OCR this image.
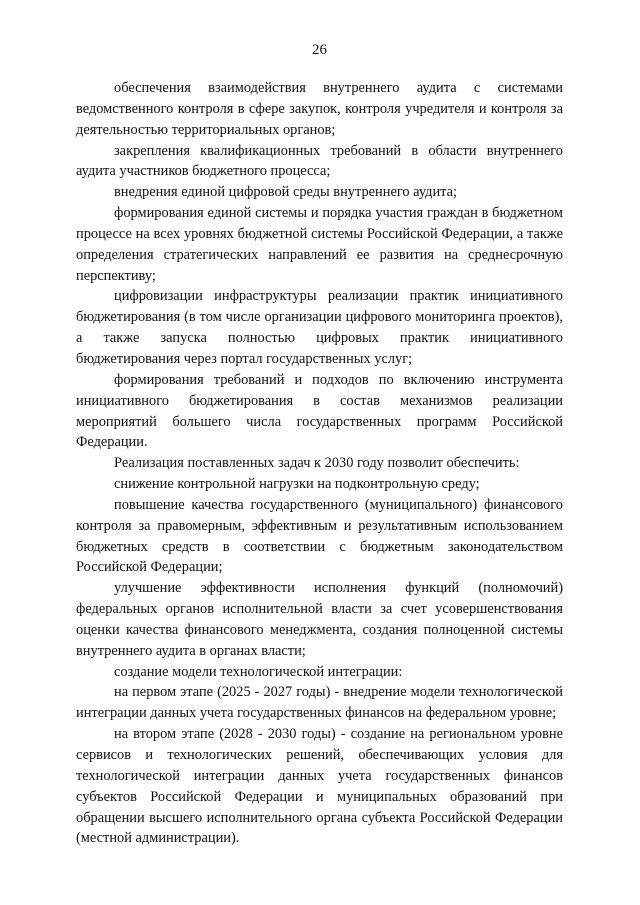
26

обеспечения взаимодействия внутреннего аудита с системами ведомственного контроля в сфере закупок, контроля учредителя и контроля за деятельностью территориальных органов;

закрепления квалификационных требований в области внутреннего аудита участников бюджетного процесса;

внедрения единой цифровой среды внутреннего аудита;

формирования единой системы и порядка участия граждан в бюджетном процессе на всех уровнях бюджетной системы Российской Федерации, а также определения стратегических направлений ее развития на среднесрочную перспективу;

цифровизации инфраструктуры реализации практик инициативного бюджетирования (в том числе организации цифрового мониторинга проектов), а также запуска полностью цифровых практик инициативного бюджетирования через портал государственных услуг;

формирования требований и подходов по включению инструмента инициативного бюджетирования в состав механизмов реализации мероприятий большего числа государственных программ Российской Федерации.

Реализация поставленных задач к 2030 году позволит обеспечить:

снижение контрольной нагрузки на подконтрольную среду;

повышение качества государственного (муниципального) финансового контроля за правомерным, эффективным и результативным использованием бюджетных средств в соответствии с бюджетным законодательством Российской Федерации;

улучшение эффективности исполнения функций (полномочий) федеральных органов исполнительной власти за счет усовершенствования оценки качества финансового менеджмента, создания полноценной системы внутреннего аудита в органах власти;

создание модели технологической интеграции:

на первом этапе (2025 - 2027 годы) - внедрение модели технологической интеграции данных учета государственных финансов на федеральном уровне;

на втором этапе (2028 - 2030 годы) - создание на региональном уровне сервисов и технологических решений, обеспечивающих условия для технологической интеграции данных учета государственных финансов субъектов Российской Федерации и муниципальных образований при обращении высшего исполнительного органа субъекта Российской Федерации (местной администрации).
